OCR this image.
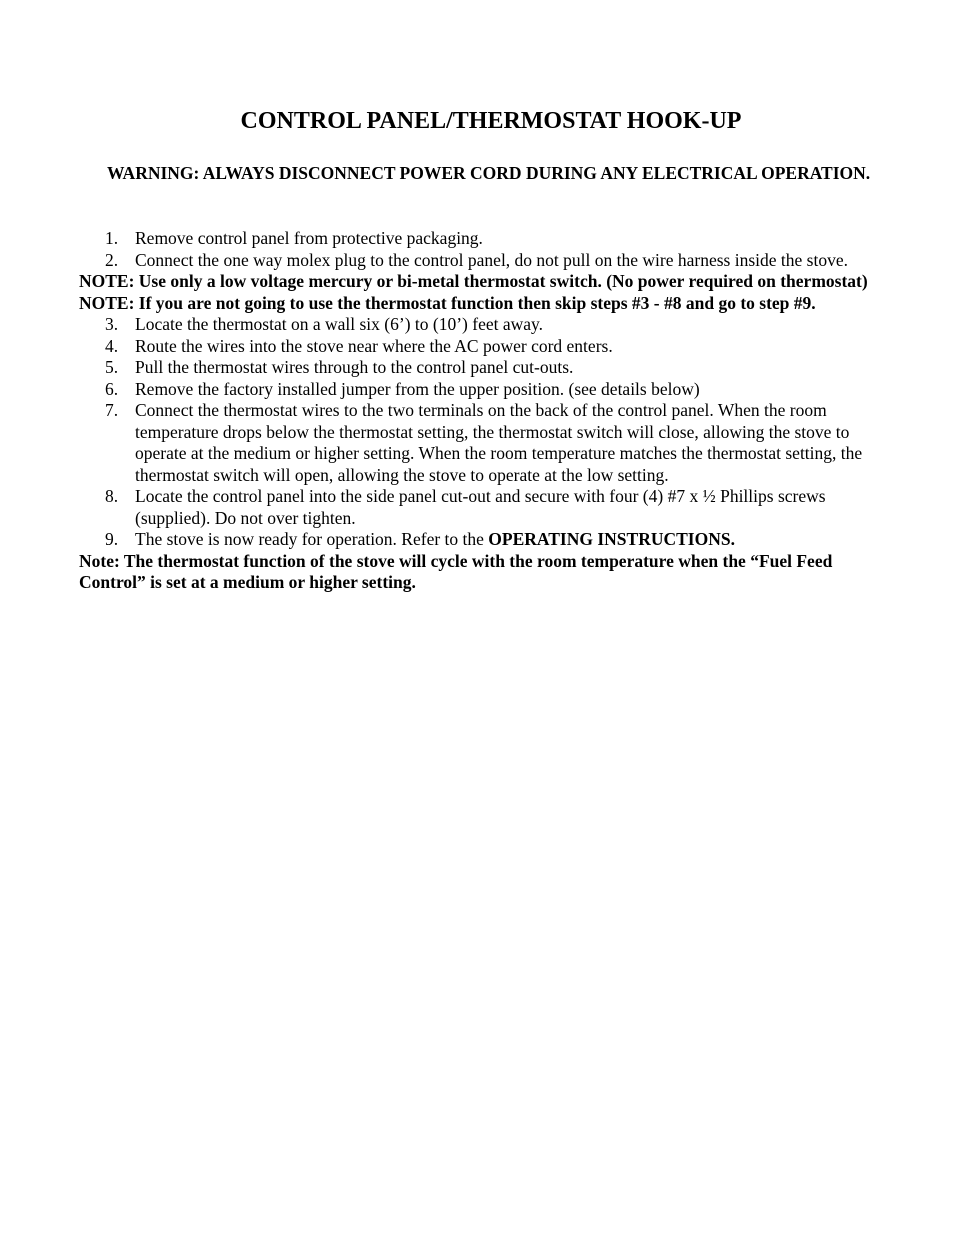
CONTROL PANEL/THERMOSTAT HOOK-UP
WARNING: ALWAYS DISCONNECT POWER CORD DURING ANY ELECTRICAL OPERATION.
1. Remove control panel from protective packaging.
2. Connect the one way molex plug to the control panel, do not pull on the wire harness inside the stove.
NOTE: Use only a low voltage mercury or bi-metal thermostat switch. (No power required on thermostat)
NOTE: If you are not going to use the thermostat function then skip steps #3 - #8 and go to step #9.
3. Locate the thermostat on a wall six (6’) to (10’) feet away.
4. Route the wires into the stove near where the AC power cord enters.
5. Pull the thermostat wires through to the control panel cut-outs.
6. Remove the factory installed jumper from the upper position. (see details below)
7. Connect the thermostat wires to the two terminals on the back of the control panel. When the room temperature drops below the thermostat setting, the thermostat switch will close, allowing the stove to operate at the medium or higher setting. When the room temperature matches the thermostat setting, the thermostat switch will open, allowing the stove to operate at the low setting.
8. Locate the control panel into the side panel cut-out and secure with four (4) #7 x ½ Phillips screws (supplied). Do not over tighten.
9. The stove is now ready for operation. Refer to the OPERATING INSTRUCTIONS.
Note: The thermostat function of the stove will cycle with the room temperature when the “Fuel Feed Control” is set at a medium or higher setting.
